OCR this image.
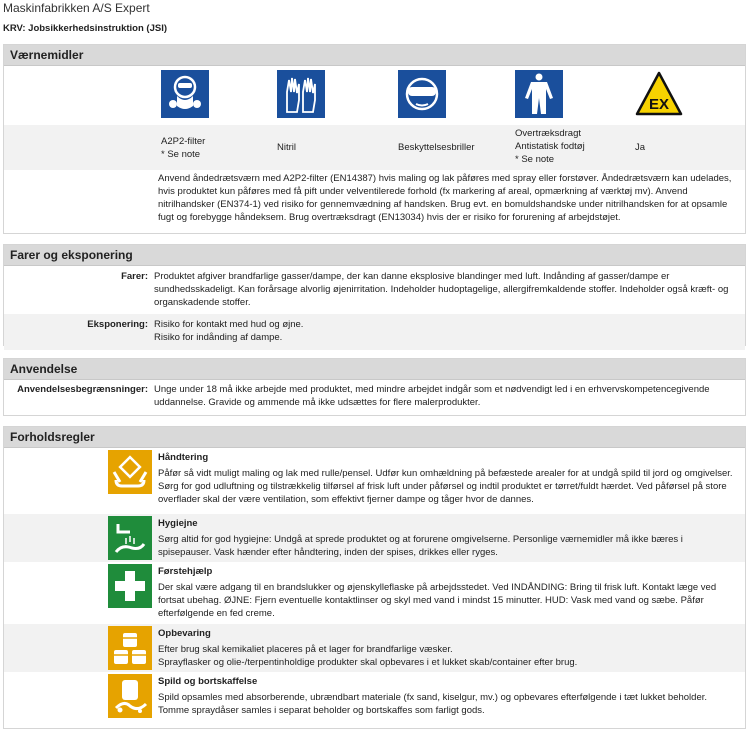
Maskinfabrikken A/S Expert
KRV: Jobsikkerhedsinstruktion (JSI)
Værnemidler
EX
A2P2-filter
* Se note
Nitril	Beskyttelsesbriller
Overtræksdragt
Antistatisk fodtøj
* Se note
Ja
Anvend åndedrætsværn med A2P2-filter (EN14387) hvis maling og lak påføres med spray eller forstøver. Åndedrætsværn kan udelades, hvis produktet kun påføres med få pift under velventilerede forhold (fx markering af areal, opmærkning af værktøj mv). Anvend nitrilhandsker (EN374-1) ved risiko for gennemvædning af handsken. Brug evt. en bomuldshandske under nitrilhandsken for at opsamle fugt og forebygge håndeksem. Brug overtræksdragt (EN13034) hvis der er risiko for forurening af arbejdstøjet.
Farer og eksponering
Farer: Produktet afgiver brandfarlige gasser/dampe, der kan danne eksplosive blandinger med luft. Indånding af gasser/dampe er sundhedsskadeligt. Kan forårsage alvorlig øjenirritation. Indeholder hudoptagelige, allergifremkaldende stoffer. Indeholder også kræft- og organskadende stoffer.
Eksponering: Risiko for kontakt med hud og øjne.
Risiko for indånding af dampe.
Anvendelse
Anvendelsesbegrænsninger: Unge under 18 må ikke arbejde med produktet, med mindre arbejdet indgår som et nødvendigt led i en erhvervskompetencegivende uddannelse. Gravide og ammende må ikke udsættes for flere malerprodukter.
Forholdsregler
Håndtering
Påfør så vidt muligt maling og lak med rulle/pensel. Udfør kun omhældning på befæstede arealer for at undgå spild til jord og omgivelser. Sørg for god udluftning og tilstrækkelig tilførsel af frisk luft under påførsel og indtil produktet er tørret/fuldt hærdet. Ved påførsel på store overflader skal der være ventilation, som effektivt fjerner dampe og tåger hvor de dannes.
Hygiejne
Sørg altid for god hygiejne: Undgå at sprede produktet og at forurene omgivelserne. Personlige værnemidler må ikke bæres i spisepauser. Vask hænder efter håndtering, inden der spises, drikkes eller ryges.
Førstehjælp
Der skal være adgang til en brandslukker og øjenskylleflaske på arbejdsstedet. Ved INDÅNDING: Bring til frisk luft. Kontakt læge ved fortsat ubehag. ØJNE: Fjern eventuelle kontaktlinser og skyl med vand i mindst 15 minutter. HUD: Vask med vand og sæbe. Påfør efterfølgende en fed creme.
Opbevaring
Efter brug skal kemikaliet placeres på et lager for brandfarlige væsker.
Sprayflasker og olie-/terpentinholdige produkter skal opbevares i et lukket skab/container efter brug.
Spild og bortskaffelse
Spild opsamles med absorberende, ubrændbart materiale (fx sand, kiselgur, mv.) og opbevares efterfølgende i tæt lukket beholder.
Tomme spraydåser samles i separat beholder og bortskaffes som farligt gods.
